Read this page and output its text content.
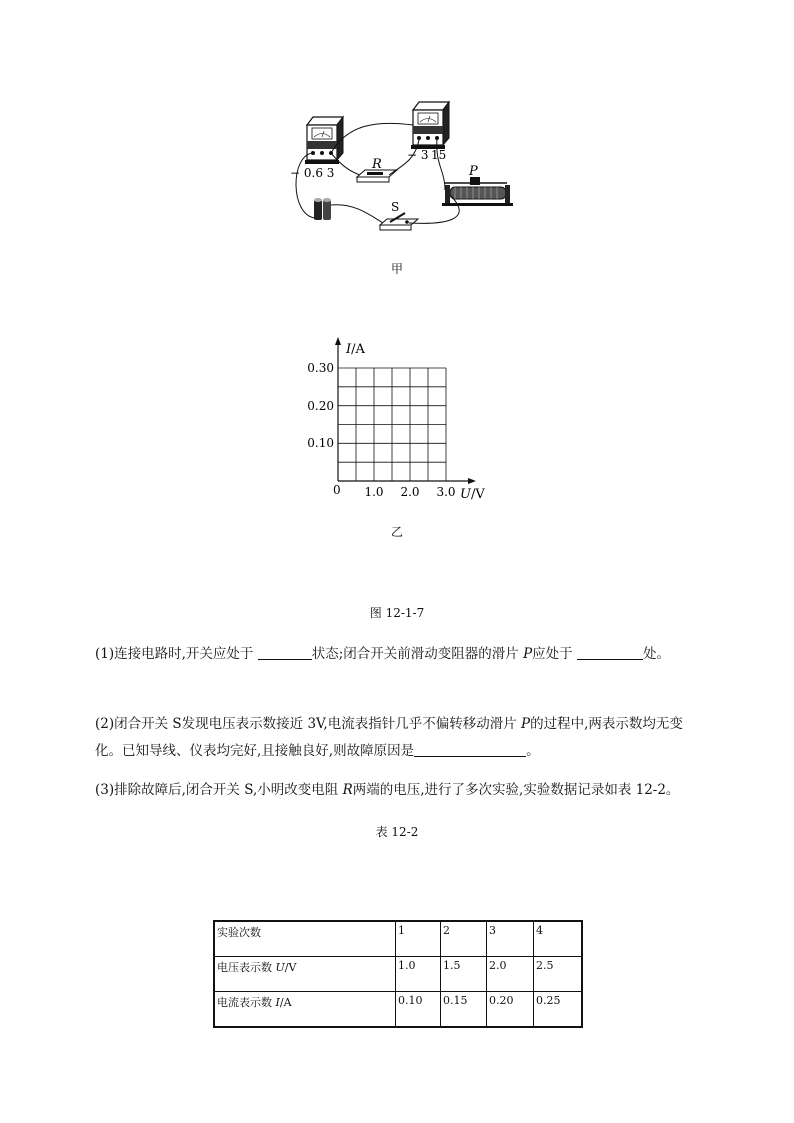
− 0.6 3
− 3 15
R
S
P
甲
I/A
U/V
0
0.30
0.20
0.10
1.0 2.0 3.0
乙
图 12-1-7
(1)连接电路时,开关应处于	状态;闭合开关前滑动变阻器的滑片 P应处于	处。
(2)闭合开关 S发现电压表示数接近 3V,电流表指针几乎不偏转移动滑片 P的过程中,两表示数均无变化。已知导线、仪表均完好,且接触良好,则故障原因是	。
(3)排除故障后,闭合开关 S,小明改变电阻 R两端的电压,进行了多次实验,实验数据记录如表 12-2。
表 12-2
实验次数	1	2	3	4
电压表示数 U/V	1.0	1.5	2.0	2.5
电流表示数 I/A	0.10	0.15	0.20	0.25
